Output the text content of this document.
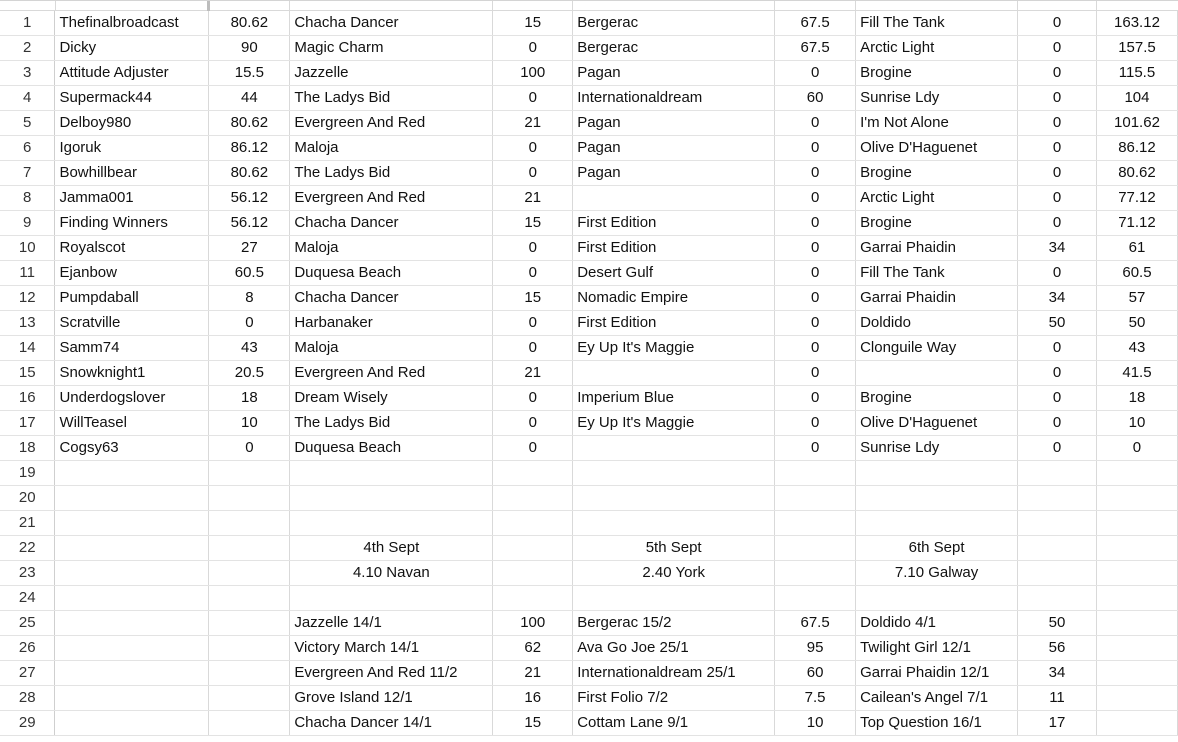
1	Thefinalbroadcast	80.62	Chacha Dancer	15	Bergerac	67.5	Fill The Tank	0	163.12
2	Dicky	90	Magic Charm	0	Bergerac	67.5	Arctic Light	0	157.5
3	Attitude Adjuster	15.5	Jazzelle	100	Pagan	0	Brogine	0	115.5
4	Supermack44	44	The Ladys Bid	0	Internationaldream	60	Sunrise Ldy	0	104
5	Delboy980	80.62	Evergreen And Red	21	Pagan	0	I'm Not Alone	0	101.62
6	Igoruk	86.12	Maloja	0	Pagan	0	Olive D'Haguenet	0	86.12
7	Bowhillbear	80.62	The Ladys Bid	0	Pagan	0	Brogine	0	80.62
8	Jamma001	56.12	Evergreen And Red	21		0	Arctic Light	0	77.12
9	Finding Winners	56.12	Chacha Dancer	15	First Edition	0	Brogine	0	71.12
10	Royalscot	27	Maloja	0	First Edition	0	Garrai Phaidin	34	61
11	Ejanbow	60.5	Duquesa Beach	0	Desert Gulf	0	Fill The Tank	0	60.5
12	Pumpdaball	8	Chacha Dancer	15	Nomadic Empire	0	Garrai Phaidin	34	57
13	Scratville	0	Harbanaker	0	First Edition	0	Doldido	50	50
14	Samm74	43	Maloja	0	Ey Up It's Maggie	0	Clonguile Way	0	43
15	Snowknight1	20.5	Evergreen And Red	21		0		0	41.5
16	Underdogslover	18	Dream Wisely	0	Imperium Blue	0	Brogine	0	18
17	WillTeasel	10	The Ladys Bid	0	Ey Up It's Maggie	0	Olive D'Haguenet	0	10
18	Cogsy63	0	Duquesa Beach	0		0	Sunrise Ldy	0	0
19									
20									
21									
22			4th Sept		5th Sept		6th Sept		
23			4.10 Navan		2.40 York		7.10 Galway		
24									
25			Jazzelle 14/1	100	Bergerac 15/2	67.5	Doldido 4/1	50	
26			Victory March 14/1	62	Ava Go Joe 25/1	95	Twilight Girl 12/1	56	
27			Evergreen And Red 11/2	21	Internationaldream 25/1	60	Garrai Phaidin 12/1	34	
28			Grove Island 12/1	16	First Folio 7/2	7.5	Cailean's Angel 7/1	11	
29			Chacha Dancer 14/1	15	Cottam Lane 9/1	10	Top Question 16/1	17	
